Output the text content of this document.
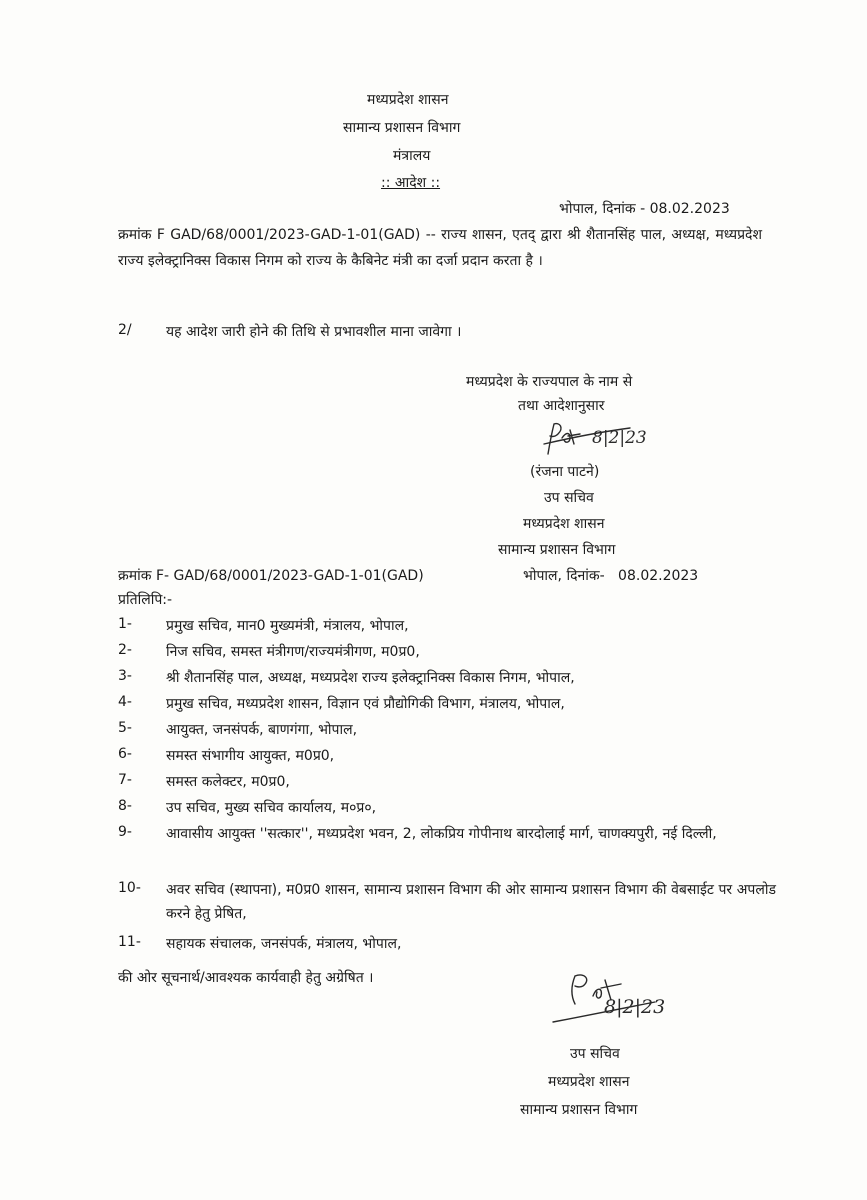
मध्यप्रदेश शासन
सामान्य प्रशासन विभाग
मंत्रालय
:: आदेश ::
भोपाल, दिनांक - 08.02.2023
क्रमांक F GAD/68/0001/2023-GAD-1-01(GAD) -- राज्य शासन, एतद् द्वारा श्री शैतानसिंह पाल, अध्यक्ष, मध्यप्रदेश राज्य इलेक्ट्रानिक्स विकास निगम को राज्य के कैबिनेट मंत्री का दर्जा प्रदान करता है ।
2/ यह आदेश जारी होने की तिथि से प्रभावशील माना जावेगा ।
मध्यप्रदेश के राज्यपाल के नाम से
तथा आदेशानुसार
8|2|23
(रंजना पाटने)
उप सचिव
मध्यप्रदेश शासन
सामान्य प्रशासन विभाग
क्रमांक F- GAD/68/0001/2023-GAD-1-01(GAD)	भोपाल, दिनांक-   08.02.2023
प्रतिलिपि:-
1- प्रमुख सचिव, मान0 मुख्यमंत्री, मंत्रालय, भोपाल,
2- निज सचिव, समस्त मंत्रीगण/राज्यमंत्रीगण, म0प्र0,
3- श्री शैतानसिंह पाल, अध्यक्ष, मध्यप्रदेश राज्य इलेक्ट्रानिक्स विकास निगम, भोपाल,
4- प्रमुख सचिव, मध्यप्रदेश शासन, विज्ञान एवं प्रौद्योगिकी विभाग, मंत्रालय, भोपाल,
5- आयुक्त, जनसंपर्क, बाणगंगा, भोपाल,
6- समस्त संभागीय आयुक्त, म0प्र0,
7- समस्त कलेक्टर, म0प्र0,
8- उप सचिव, मुख्य सचिव कार्यालय, म०प्र०,
9- आवासीय आयुक्त ''सत्कार'', मध्यप्रदेश भवन, 2, लोकप्रिय गोपीनाथ बारदोलाई मार्ग, चाणक्यपुरी, नई दिल्ली,
10- अवर सचिव (स्थापना), म0प्र0 शासन, सामान्य प्रशासन विभाग की ओर सामान्य प्रशासन विभाग की वेबसाईट पर अपलोड करने हेतु प्रेषित,
11- सहायक संचालक, जनसंपर्क, मंत्रालय, भोपाल,
की ओर सूचनार्थ/आवश्यक कार्यवाही हेतु अग्रेषित ।
8|2|23
उप सचिव
मध्यप्रदेश शासन
सामान्य प्रशासन विभाग
